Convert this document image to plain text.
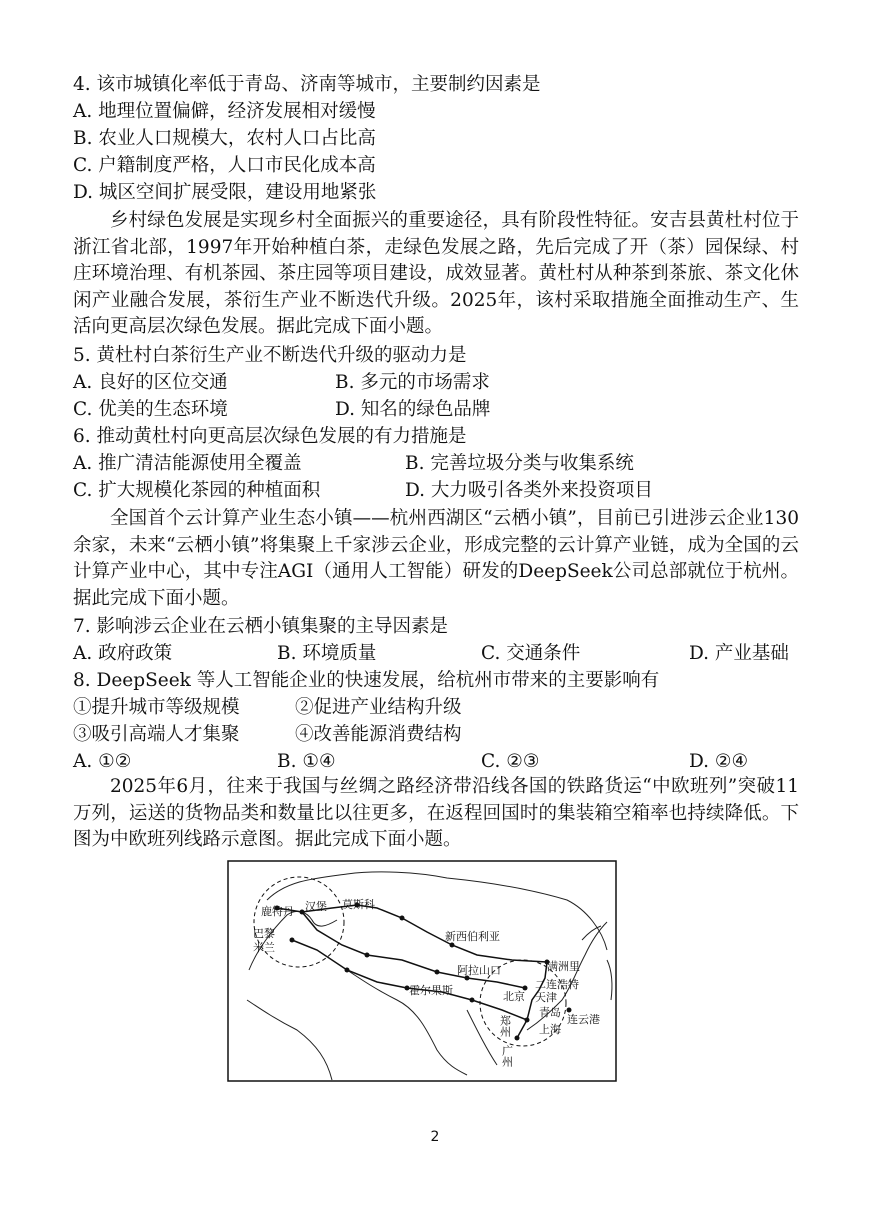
4. 该市城镇化率低于青岛、济南等城市，主要制约因素是
A. 地理位置偏僻，经济发展相对缓慢
B. 农业人口规模大，农村人口占比高
C. 户籍制度严格，人口市民化成本高
D. 城区空间扩展受限，建设用地紧张

乡村绿色发展是实现乡村全面振兴的重要途径，具有阶段性特征。安吉县黄杜村位于浙江省北部，1997年开始种植白茶，走绿色发展之路，先后完成了开（茶）园保绿、村庄环境治理、有机茶园、茶庄园等项目建设，成效显著。黄杜村从种茶到茶旅、茶文化休闲产业融合发展，茶衍生产业不断迭代升级。2025年，该村采取措施全面推动生产、生活向更高层次绿色发展。据此完成下面小题。

5. 黄杜村白茶衍生产业不断迭代升级的驱动力是
A. 良好的区位交通	B. 多元的市场需求
C. 优美的生态环境	D. 知名的绿色品牌
6. 推动黄杜村向更高层次绿色发展的有力措施是
A. 推广清洁能源使用全覆盖	B. 完善垃圾分类与收集系统
C. 扩大规模化茶园的种植面积	D. 大力吸引各类外来投资项目

全国首个云计算产业生态小镇——杭州西湖区“云栖小镇”，目前已引进涉云企业130余家，未来“云栖小镇”将集聚上千家涉云企业，形成完整的云计算产业链，成为全国的云计算产业中心，其中专注AGI（通用人工智能）研发的DeepSeek公司总部就位于杭州。据此完成下面小题。

7. 影响涉云企业在云栖小镇集聚的主导因素是
A. 政府政策	B. 环境质量	C. 交通条件	D. 产业基础
8. DeepSeek 等人工智能企业的快速发展，给杭州市带来的主要影响有
①提升城市等级规模	②促进产业结构升级
③吸引高端人才集聚	④改善能源消费结构
A. ①②	B. ①④	C. ②③	D. ②④

2025年6月，往来于我国与丝绸之路经济带沿线各国的铁路货运“中欧班列”突破11万列，运送的货物品类和数量比以往更多，在返程回国时的集装箱空箱率也持续降低。下图为中欧班列线路示意图。据此完成下面小题。

鹿特丹 汉堡 莫斯科
巴黎
米兰
新西伯利亚
满洲里
阿拉山口
二连浩特
霍尔果斯	北京 天津
青岛
连云港
上海
郑州
广州
2
